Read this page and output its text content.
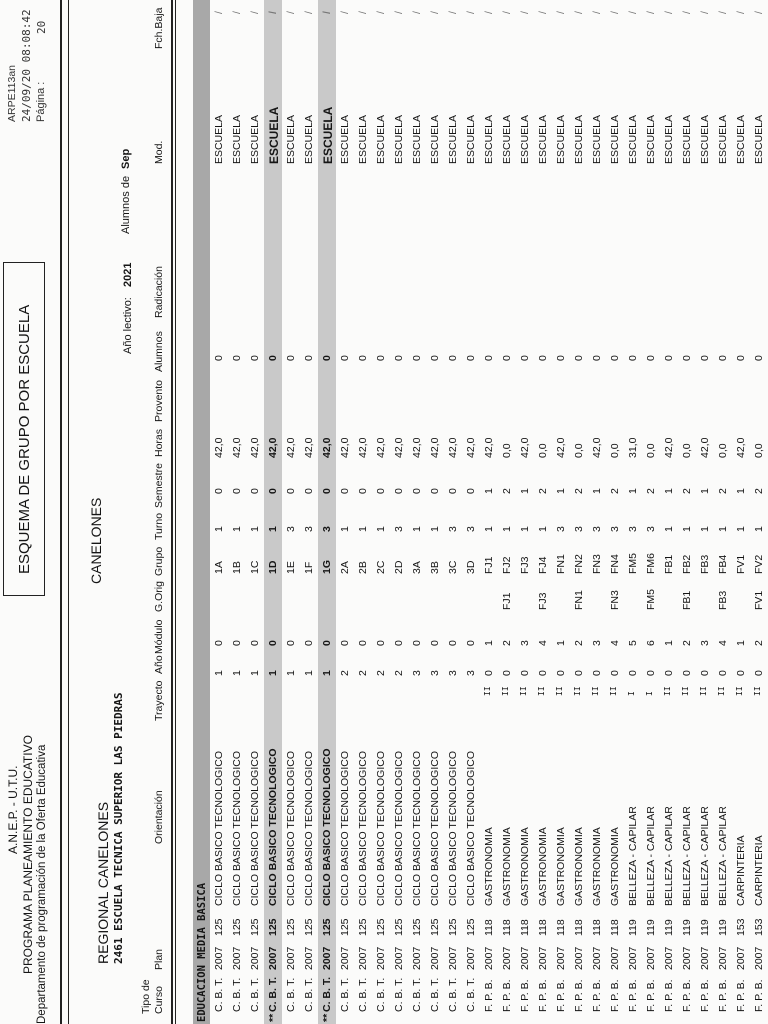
A.N.E.P. - U.T.U. PROGRAMA PLANEAMIENTO EDUCATIVO Departamento de programación de la Oferta Educativa
ESQUEMA DE GRUPO POR ESCUELA
ARPE113an 24/09/20 08:08:42 Página :
20
CANELONES
REGIONAL CANELONES 2461 ESCUELA TECNICA SUPERIOR LAS PIEDRAS
Año lectivo:
2021
Alumnos de
Sep
Tipo de Curso
Plan
Orientación
Trayecto
Año
Módulo
G.Orig
Grupo
Turno
Semestre
Horas
Provento
Alumnos
Radicación
Mod.
Fch.Baja
EDUCACION MEDIA BASICA C. B. T.
2007
125
CICLO BASICO TECNOLOGICO
1
0
1A
1
0
42,0
0
ESCUELA
/
C. B. T.
2007
125
CICLO BASICO TECNOLOGICO
1
0
1B
1
0
42,0
0
ESCUELA
/
C. B. T.
2007
125
CICLO BASICO TECNOLOGICO
1
0
1C
1
0
42,0
0
ESCUELA
/
**
C. B. T.
2007
125
CICLO BASICO TECNOLOGICO
1
0
1D
1
0
42,0
0
ESCUELA
/
C. B. T.
2007
125
CICLO BASICO TECNOLOGICO
1
0
1E
3
0
42,0
0
ESCUELA
/
C. B. T.
2007
125
CICLO BASICO TECNOLOGICO
1
0
1F
3
0
42,0
0
ESCUELA
/
**
C. B. T.
2007
125
CICLO BASICO TECNOLOGICO
1
0
1G
3
0
42,0
0
ESCUELA
/
C. B. T.
2007
125
CICLO BASICO TECNOLOGICO
2
0
2A
1
0
42,0
0
ESCUELA
/
C. B. T.
2007
125
CICLO BASICO TECNOLOGICO
2
0
2B
1
0
42,0
0
ESCUELA
/
C. B. T.
2007
125
CICLO BASICO TECNOLOGICO
2
0
2C
1
0
42,0
0
ESCUELA
/
C. B. T.
2007
125
CICLO BASICO TECNOLOGICO
2
0
2D
3
0
42,0
0
ESCUELA
/
C. B. T.
2007
125
CICLO BASICO TECNOLOGICO
3
0
3A
1
0
42,0
0
ESCUELA
/
C. B. T.
2007
125
CICLO BASICO TECNOLOGICO
3
0
3B
1
0
42,0
0
ESCUELA
/
C. B. T.
2007
125
CICLO BASICO TECNOLOGICO
3
0
3C
3
0
42,0
0
ESCUELA
/
C. B. T.
2007
125
CICLO BASICO TECNOLOGICO
3
0
3D
3
0
42,0
0
ESCUELA
/
F. P. B.
2007
118
GASTRONOMIA
II
0
1
FJ1
1
1
42,0
0
ESCUELA
/
F. P. B.
2007
118
GASTRONOMIA
II
0
2
FJ1
FJ2
1
2
0,0
0
ESCUELA
/
F. P. B.
2007
118
GASTRONOMIA
II
0
3
FJ3
1
1
42,0
0
ESCUELA
/
F. P. B.
2007
118
GASTRONOMIA
II
0
4
FJ3
FJ4
1
2
0,0
0
ESCUELA
/
F. P. B.
2007
118
GASTRONOMIA
II
0
1
FN1
3
1
42,0
0
ESCUELA
/
F. P. B.
2007
118
GASTRONOMIA
II
0
2
FN1
FN2
3
2
0,0
0
ESCUELA
/
F. P. B.
2007
118
GASTRONOMIA
II
0
3
FN3
3
1
42,0
0
ESCUELA
/
F. P. B.
2007
118
GASTRONOMIA
II
0
4
FN3
FN4
3
2
0,0
0
ESCUELA
/
F. P. B.
2007
119
BELLEZA - CAPILAR
I
0
5
FM5
3
1
31,0
0
ESCUELA
/
F. P. B.
2007
119
BELLEZA - CAPILAR
I
0
6
FM5
FM6
3
2
0,0
0
ESCUELA
/
F. P. B.
2007
119
BELLEZA - CAPILAR
II
0
1
FB1
1
1
42,0
0
ESCUELA
/
F. P. B.
2007
119
BELLEZA - CAPILAR
II
0
2
FB1
FB2
1
2
0,0
0
ESCUELA
/
F. P. B.
2007
119
BELLEZA - CAPILAR
II
0
3
FB3
1
1
42,0
0
ESCUELA
/
F. P. B.
2007
119
BELLEZA - CAPILAR
II
0
4
FB3
FB4
1
2
0,0
0
ESCUELA
/
F. P. B.
2007
153
CARPINTERIA
II
0
1
FV1
1
1
42,0
0
ESCUELA
/
F. P. B.
2007
153
CARPINTERIA
II
0
2
FV1
FV2
1
2
0,0
0
ESCUELA
/
